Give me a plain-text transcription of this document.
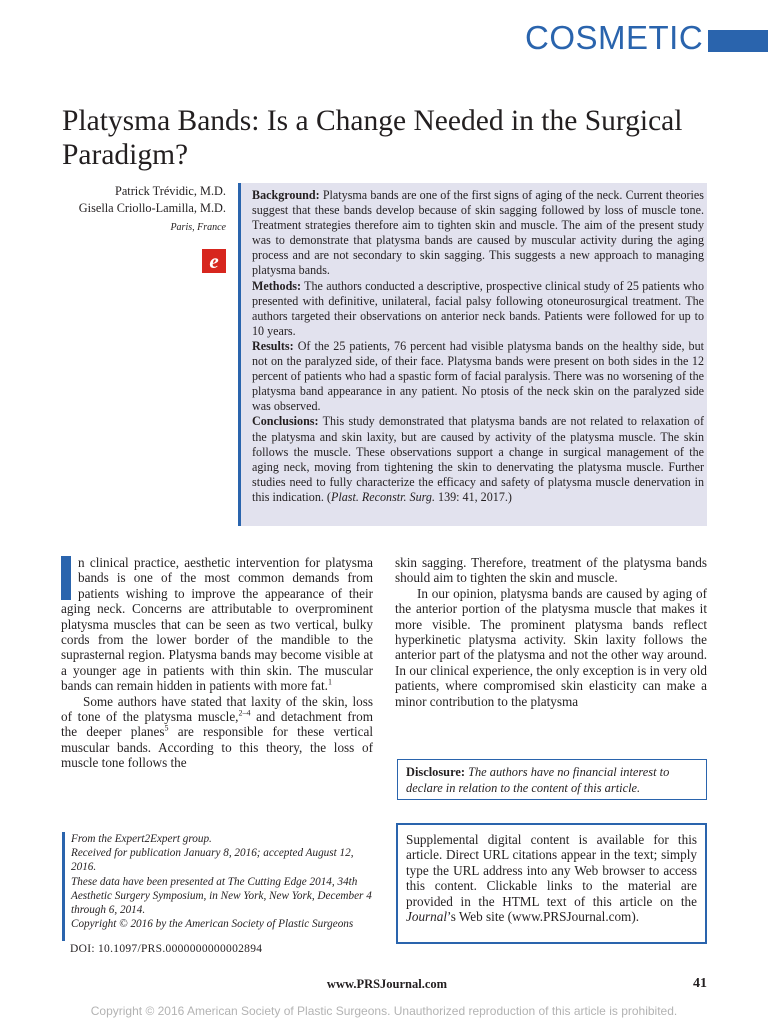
COSMETIC
Platysma Bands: Is a Change Needed in the Surgical Paradigm?
Patrick Trévidic, M.D.
Gisella Criollo-Lamilla, M.D.
Paris, France
e

Background: Platysma bands are one of the first signs of aging of the neck. Current theories suggest that these bands develop because of skin sagging followed by loss of muscle tone. Treatment strategies therefore aim to tighten skin and muscle. The aim of the present study was to demonstrate that platysma bands are caused by muscular activity during the aging process and are not secondary to skin sagging. This suggests a new approach to managing platysma bands.

Methods: The authors conducted a descriptive, prospective clinical study of 25 patients who presented with definitive, unilateral, facial palsy following otoneurosurgical treatment. The authors targeted their observations on anterior neck bands. Patients were followed for up to 10 years.

Results: Of the 25 patients, 76 percent had visible platysma bands on the healthy side, but not on the paralyzed side, of their face. Platysma bands were present on both sides in the 12 percent of patients who had a spastic form of facial paralysis. There was no worsening of the platysma band appearance in any patient. No ptosis of the neck skin on the paralyzed side was observed.

Conclusions: This study demonstrated that platysma bands are not related to relaxation of the platysma and skin laxity, but are caused by activity of the platysma muscle. The skin follows the muscle. These observations support a change in surgical management of the aging neck, moving from tightening the skin to denervating the platysma muscle. Further studies need to fully characterize the efficacy and safety of platysma muscle denervation in this indication. (Plast. Reconstr. Surg. 139: 41, 2017.)

I	n clinical practice, aesthetic intervention for platysma bands is one of the most common demands from patients wishing to improve the appearance of their aging neck. Concerns are attributable to overprominent platysma muscles that can be seen as two vertical, bulky cords from the lower border of the mandible to the suprasternal region. Platysma bands may become visible at a younger age in patients with thin skin. The muscular bands can remain hidden in patients with more fat.$^1$

Some authors have stated that laxity of the skin, loss of tone of the platysma muscle,$^{2-4}$ and detachment from the deeper planes$^5$ are responsible for these vertical muscular bands. According to this theory, the loss of muscle tone follows the

skin sagging. Therefore, treatment of the platysma bands should aim to tighten the skin and muscle.

In our opinion, platysma bands are caused by aging of the anterior portion of the platysma muscle that makes it more visible. The prominent platysma bands reflect hyperkinetic platysma activity. Skin laxity follows the anterior part of the platysma and not the other way around. In our clinical experience, the only exception is in very old patients, where compromised skin elasticity can make a minor contribution to the platysma

Disclosure: The authors have no financial interest to declare in relation to the content of this article.
Supplemental digital content is available for this article. Direct URL citations appear in the text; simply type the URL address into any Web browser to access this content. Clickable links to the material are provided in the HTML text of this article on the Journal’s Web site (www.PRSJournal.com).

From the Expert2Expert group.

Received for publication January 8, 2016; accepted August 12, 2016.

These data have been presented at The Cutting Edge 2014, 34th Aesthetic Surgery Symposium, in New York, New York, December 4 through 6, 2014.

Copyright © 2016 by the American Society of Plastic Surgeons

DOI: 10.1097/PRS.0000000000002894
www.PRSJournal.com	41
Copyright © 2016 American Society of Plastic Surgeons. Unauthorized reproduction of this article is prohibited.
